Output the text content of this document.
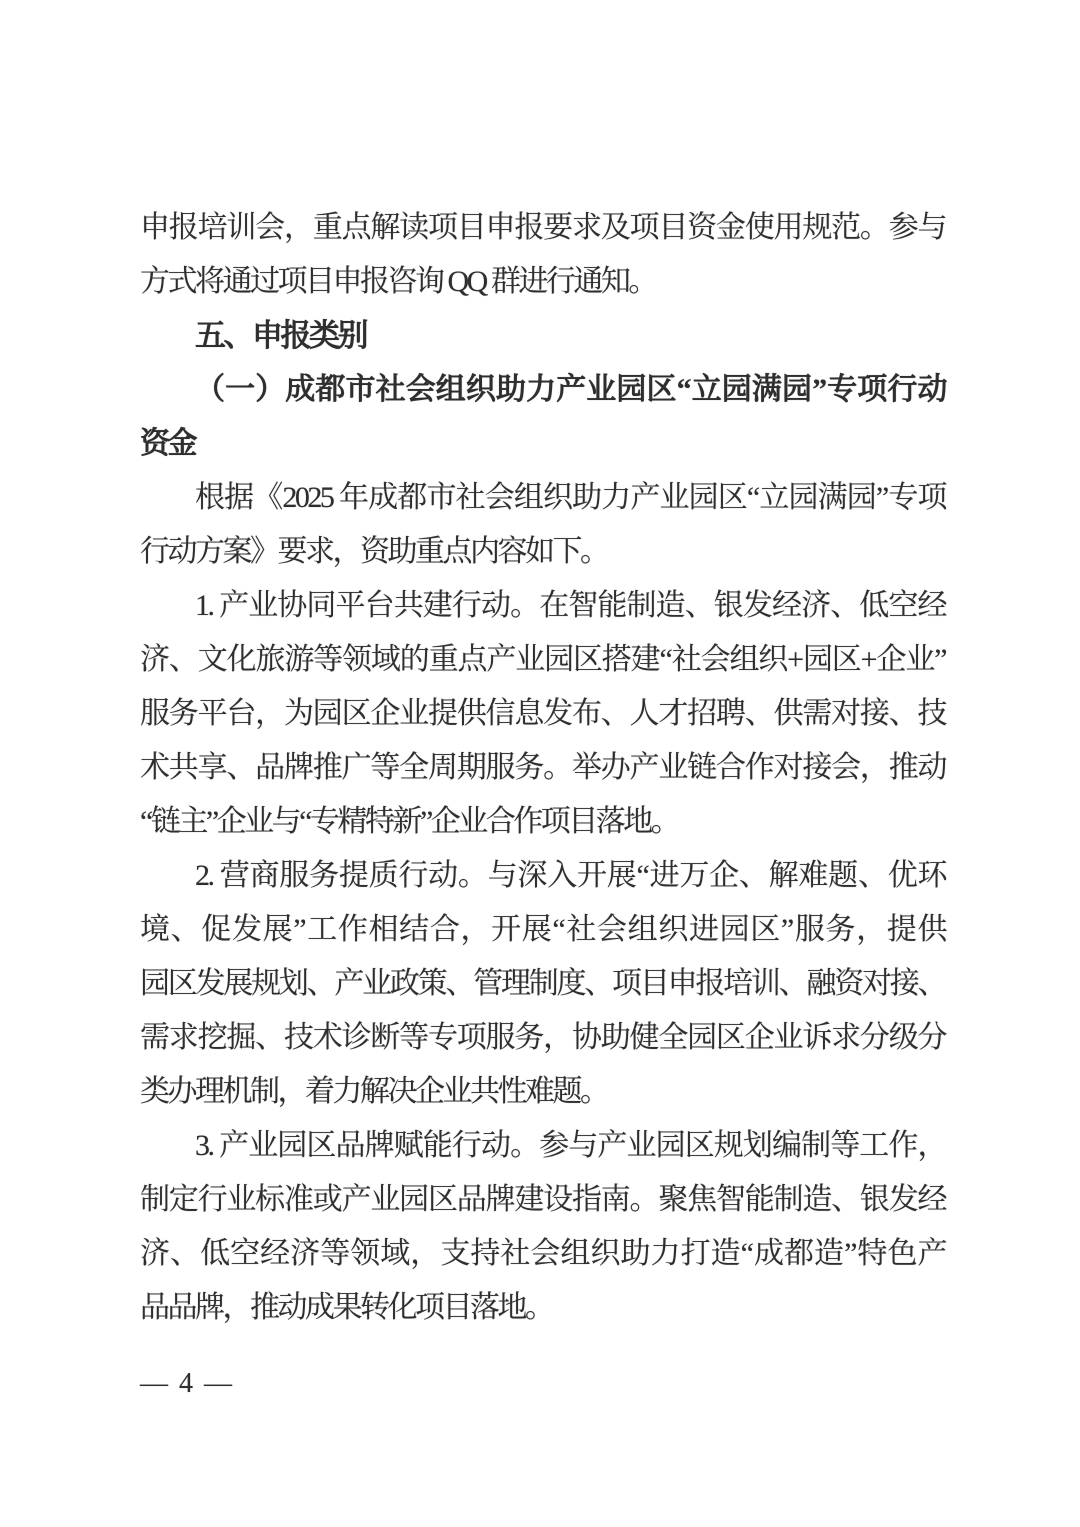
申报培训会，重点解读项目申报要求及项目资金使用规范。参与
方式将通过项目申报咨询 QQ 群进行通知。
五、申报类别
（一）成都市社会组织助力产业园区“立园满园”专项行动
资金
根据《2025 年成都市社会组织助力产业园区“立园满园”专项
行动方案》要求，资助重点内容如下。
1. 产业协同平台共建行动。在智能制造、银发经济、低空经
济、文化旅游等领域的重点产业园区搭建“社会组织+园区+企业”
服务平台，为园区企业提供信息发布、人才招聘、供需对接、技
术共享、品牌推广等全周期服务。举办产业链合作对接会，推动
“链主”企业与“专精特新”企业合作项目落地。
2. 营商服务提质行动。与深入开展“进万企、解难题、优环
境、促发展”工作相结合，开展“社会组织进园区”服务，提供
园区发展规划、产业政策、管理制度、项目申报培训、融资对接、
需求挖掘、技术诊断等专项服务，协助健全园区企业诉求分级分
类办理机制，着力解决企业共性难题。
3. 产业园区品牌赋能行动。参与产业园区规划编制等工作，
制定行业标准或产业园区品牌建设指南。聚焦智能制造、银发经
济、低空经济等领域，支持社会组织助力打造“成都造”特色产
品品牌，推动成果转化项目落地。
— 4 —
